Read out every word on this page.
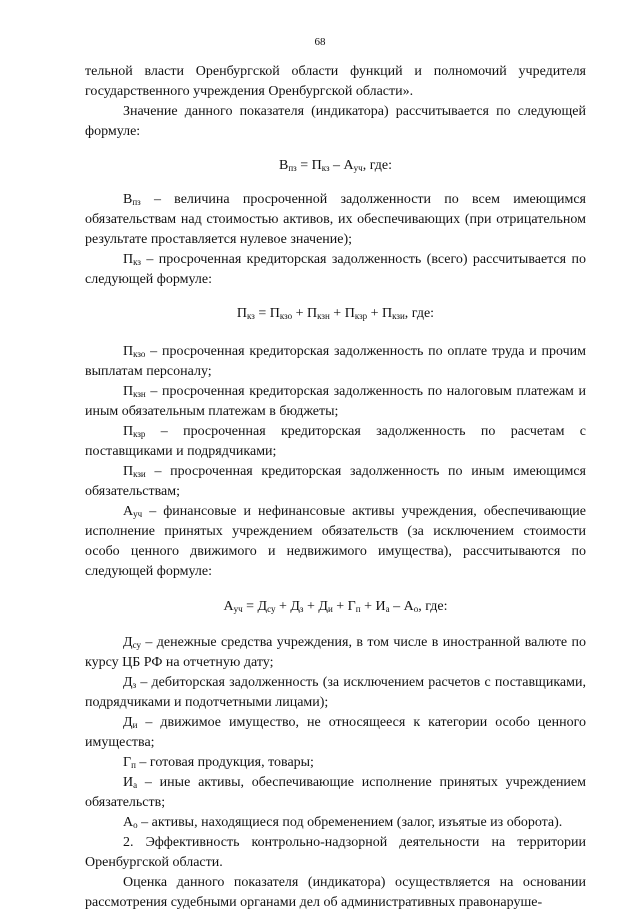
68

тельной власти Оренбургской области функций и полномочий учредителя государственного учреждения Оренбургской области».

Значение данного показателя (индикатора) рассчитывается по следующей формуле:

$В_{пз} = П_{кз} - А_{уч}$, где:

$В_{пз}$ – величина просроченной задолженности по всем имеющимся обязательствам над стоимостью активов, их обеспечивающих (при отрицательном результате проставляется нулевое значение);

$П_{кз}$ – просроченная кредиторская задолженность (всего) рассчитывается по следующей формуле:

$П_{кз} = П_{кзо} + П_{кзн} + П_{кзр} + П_{кзи}$, где:

$П_{кзо}$ – просроченная кредиторская задолженность по оплате труда и прочим выплатам персоналу;

$П_{кзн}$ – просроченная кредиторская задолженность по налоговым платежам и иным обязательным платежам в бюджеты;

$П_{кзр}$ – просроченная кредиторская задолженность по расчетам с поставщиками и подрядчиками;

$П_{кзи}$ – просроченная кредиторская задолженность по иным имеющимся обязательствам;

$А_{уч}$ – финансовые и нефинансовые активы учреждения, обеспечивающие исполнение принятых учреждением обязательств (за исключением стоимости особо ценного движимого и недвижимого имущества), рассчитываются по следующей формуле:

$А_{уч} = Д_{су} + Д_з + Д_и + Г_п + И_а - А_о$, где:

$Д_{су}$ – денежные средства учреждения, в том числе в иностранной валюте по курсу ЦБ РФ на отчетную дату;

$Д_з$ – дебиторская задолженность (за исключением расчетов с поставщиками, подрядчиками и подотчетными лицами);

$Д_и$ – движимое имущество, не относящееся к категории особо ценного имущества;

$Г_п$ – готовая продукция, товары;

$И_а$ – иные активы, обеспечивающие исполнение принятых учреждением обязательств;

$А_о$ – активы, находящиеся под обременением (залог, изъятые из оборота).

2. Эффективность контрольно-надзорной деятельности на территории Оренбургской области.

Оценка данного показателя (индикатора) осуществляется на основании рассмотрения судебными органами дел об административных правонаруше-
